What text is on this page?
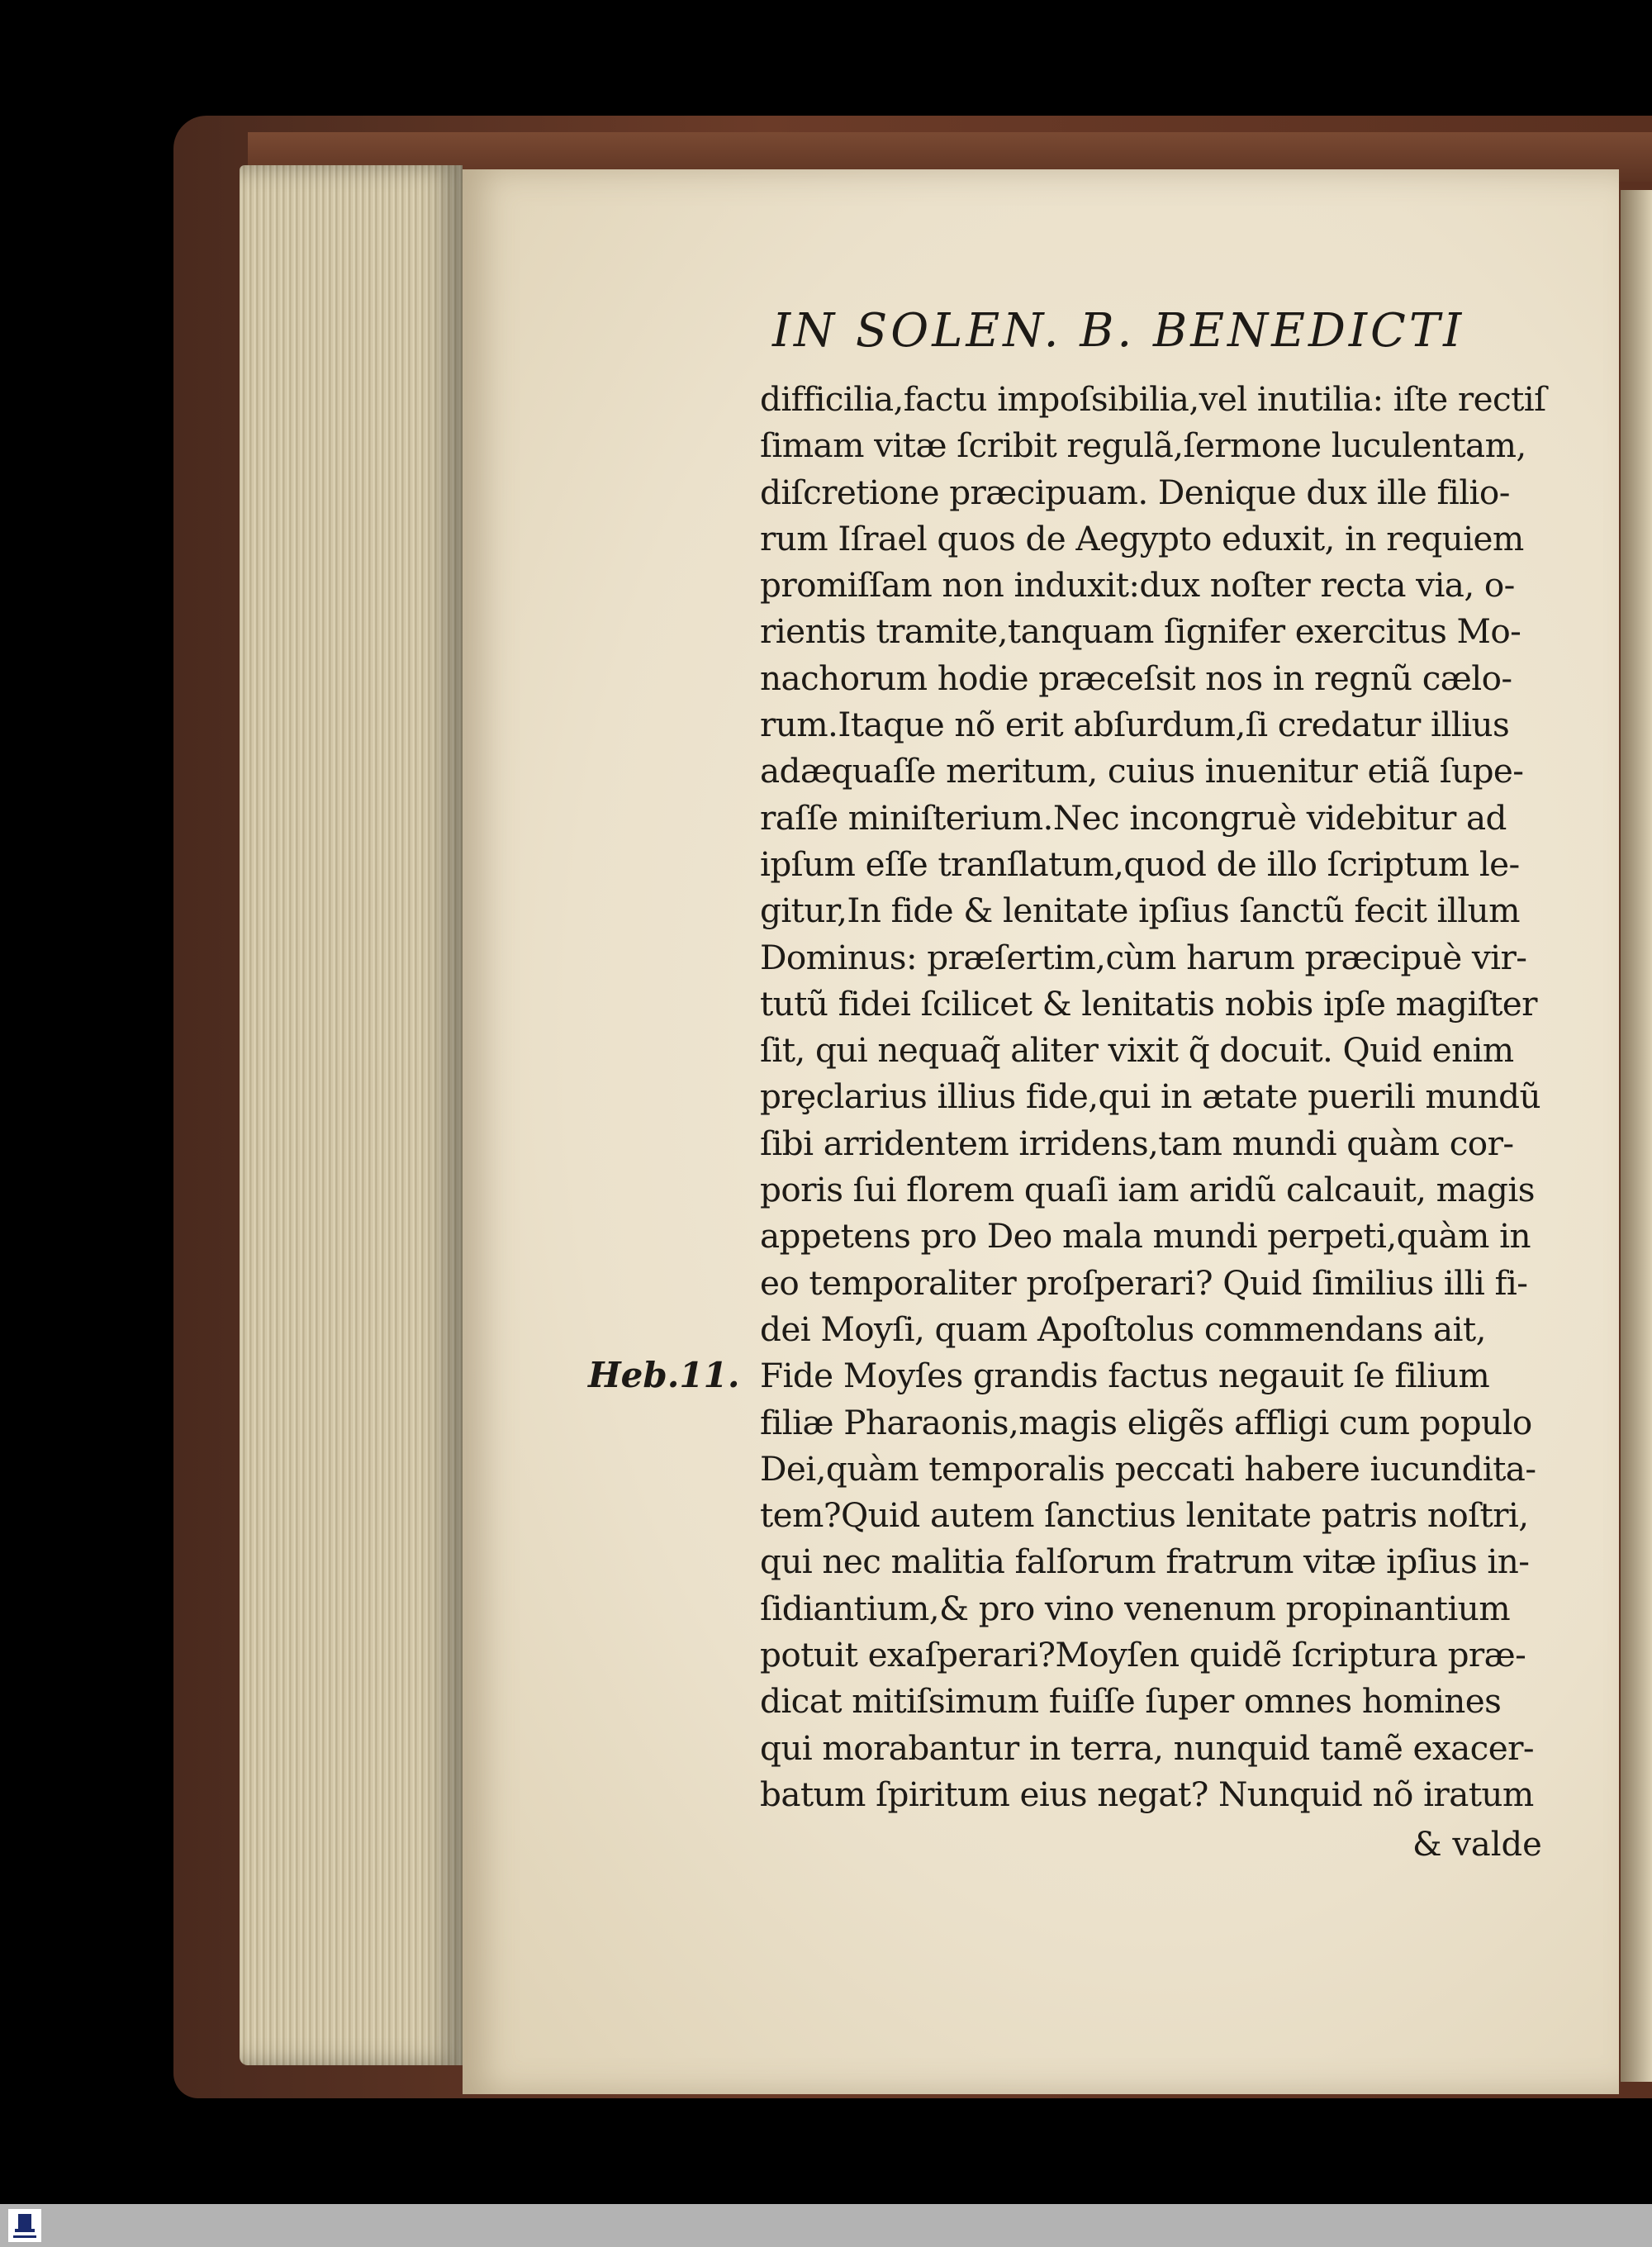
IN SOLEN. B. BENEDICTI
difficilia,factu impoſsibilia,vel inutilia: iſte rectiſ
ſimam vitæ ſcribit regulã,ſermone luculentam,
diſcretione præcipuam. Denique dux ille filio-
rum Iſrael quos de Aegypto eduxit, in requiem
promiſſam non induxit:dux noſter recta via, o-
rientis tramite,tanquam ſignifer exercitus Mo-
nachorum hodie præceſsit nos in regnũ cælo-
rum.Itaque nõ erit abſurdum,ſi credatur illius
adæquaſſe meritum, cuius inuenitur etiã ſupe-
raſſe miniſterium.Nec incongruè videbitur ad
ipſum eſſe tranſlatum,quod de illo ſcriptum le-
gitur,In fide & lenitate ipſius ſanctũ fecit illum
Dominus: præſertim,cùm harum præcipuè vir-
tutũ fidei ſcilicet & lenitatis nobis ipſe magiſter
ſit, qui nequaq̃ aliter vixit q̃ docuit. Quid enim
prȩclarius illius fide,qui in ætate puerili mundũ
ſibi arridentem irridens,tam mundi quàm cor-
poris ſui florem quaſi iam aridũ calcauit, magis
appetens pro Deo mala mundi perpeti,quàm in
eo temporaliter proſperari? Quid ſimilius illi fi-
dei Moyſi, quam Apoſtolus commendans ait,
Fide Moyſes grandis factus negauit ſe filium
filiæ Pharaonis,magis eligẽs affligi cum populo
Dei,quàm temporalis peccati habere iucundita-
tem?Quid autem ſanctius lenitate patris noſtri,
qui nec malitia falſorum fratrum vitæ ipſius in-
ſidiantium,& pro vino venenum propinantium
potuit exaſperari?Moyſen quidẽ ſcriptura præ-
dicat mitiſsimum fuiſſe ſuper omnes homines
qui morabantur in terra, nunquid tamẽ exacer-
batum ſpiritum eius negat? Nunquid nõ iratum
Heb.11.
& valde
